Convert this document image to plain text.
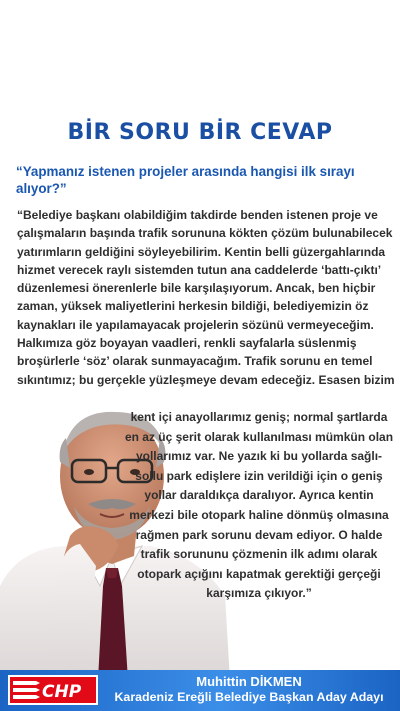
BİR SORU BİR CEVAP
“Yapmanız istenen projeler arasında hangisi ilk sırayı alıyor?”
“Belediye başkanı olabildiğim takdirde benden istenen proje ve
çalışmaların başında trafik sorununa kökten çözüm bulunabilecek
yatırımların geldiğini söyleyebilirim. Kentin belli güzergahlarında
hizmet verecek raylı sistemden tutun ana caddelerde ‘battı-çıktı’
düzenlemesi önerenlerle bile karşılaşıyorum. Ancak, ben hiçbir
zaman, yüksek maliyetlerini herkesin bildiği, belediyemizin öz
kaynakları ile yapılamayacak projelerin sözünü vermeyeceğim.
Halkımıza göz boyayan vaadleri, renkli sayfalarla süslenmiş
broşürlerle ‘söz’ olarak sunmayacağım. Trafik sorunu en temel
sıkıntımız; bu gerçekle yüzleşmeye devam edeceğiz. Esasen bizim
kent içi anayollarımız geniş; normal şartlarda
en az üç şerit olarak kullanılması mümkün olan
yollarımız var. Ne yazık ki bu yollarda sağlı-
sollu park edişlere izin verildiği için o geniş
yollar daraldıkça daralıyor. Ayrıca kentin
merkezi bile otopark haline dönmüş olmasına
rağmen park sorunu devam ediyor. O halde
trafik sorununu çözmenin ilk adımı olarak
otopark açığını kapatmak gerektiği gerçeği
karşımıza çıkıyor.”
CHP
Muhittin DİKMEN
Karadeniz Ereğli Belediye Başkan Aday Adayı
